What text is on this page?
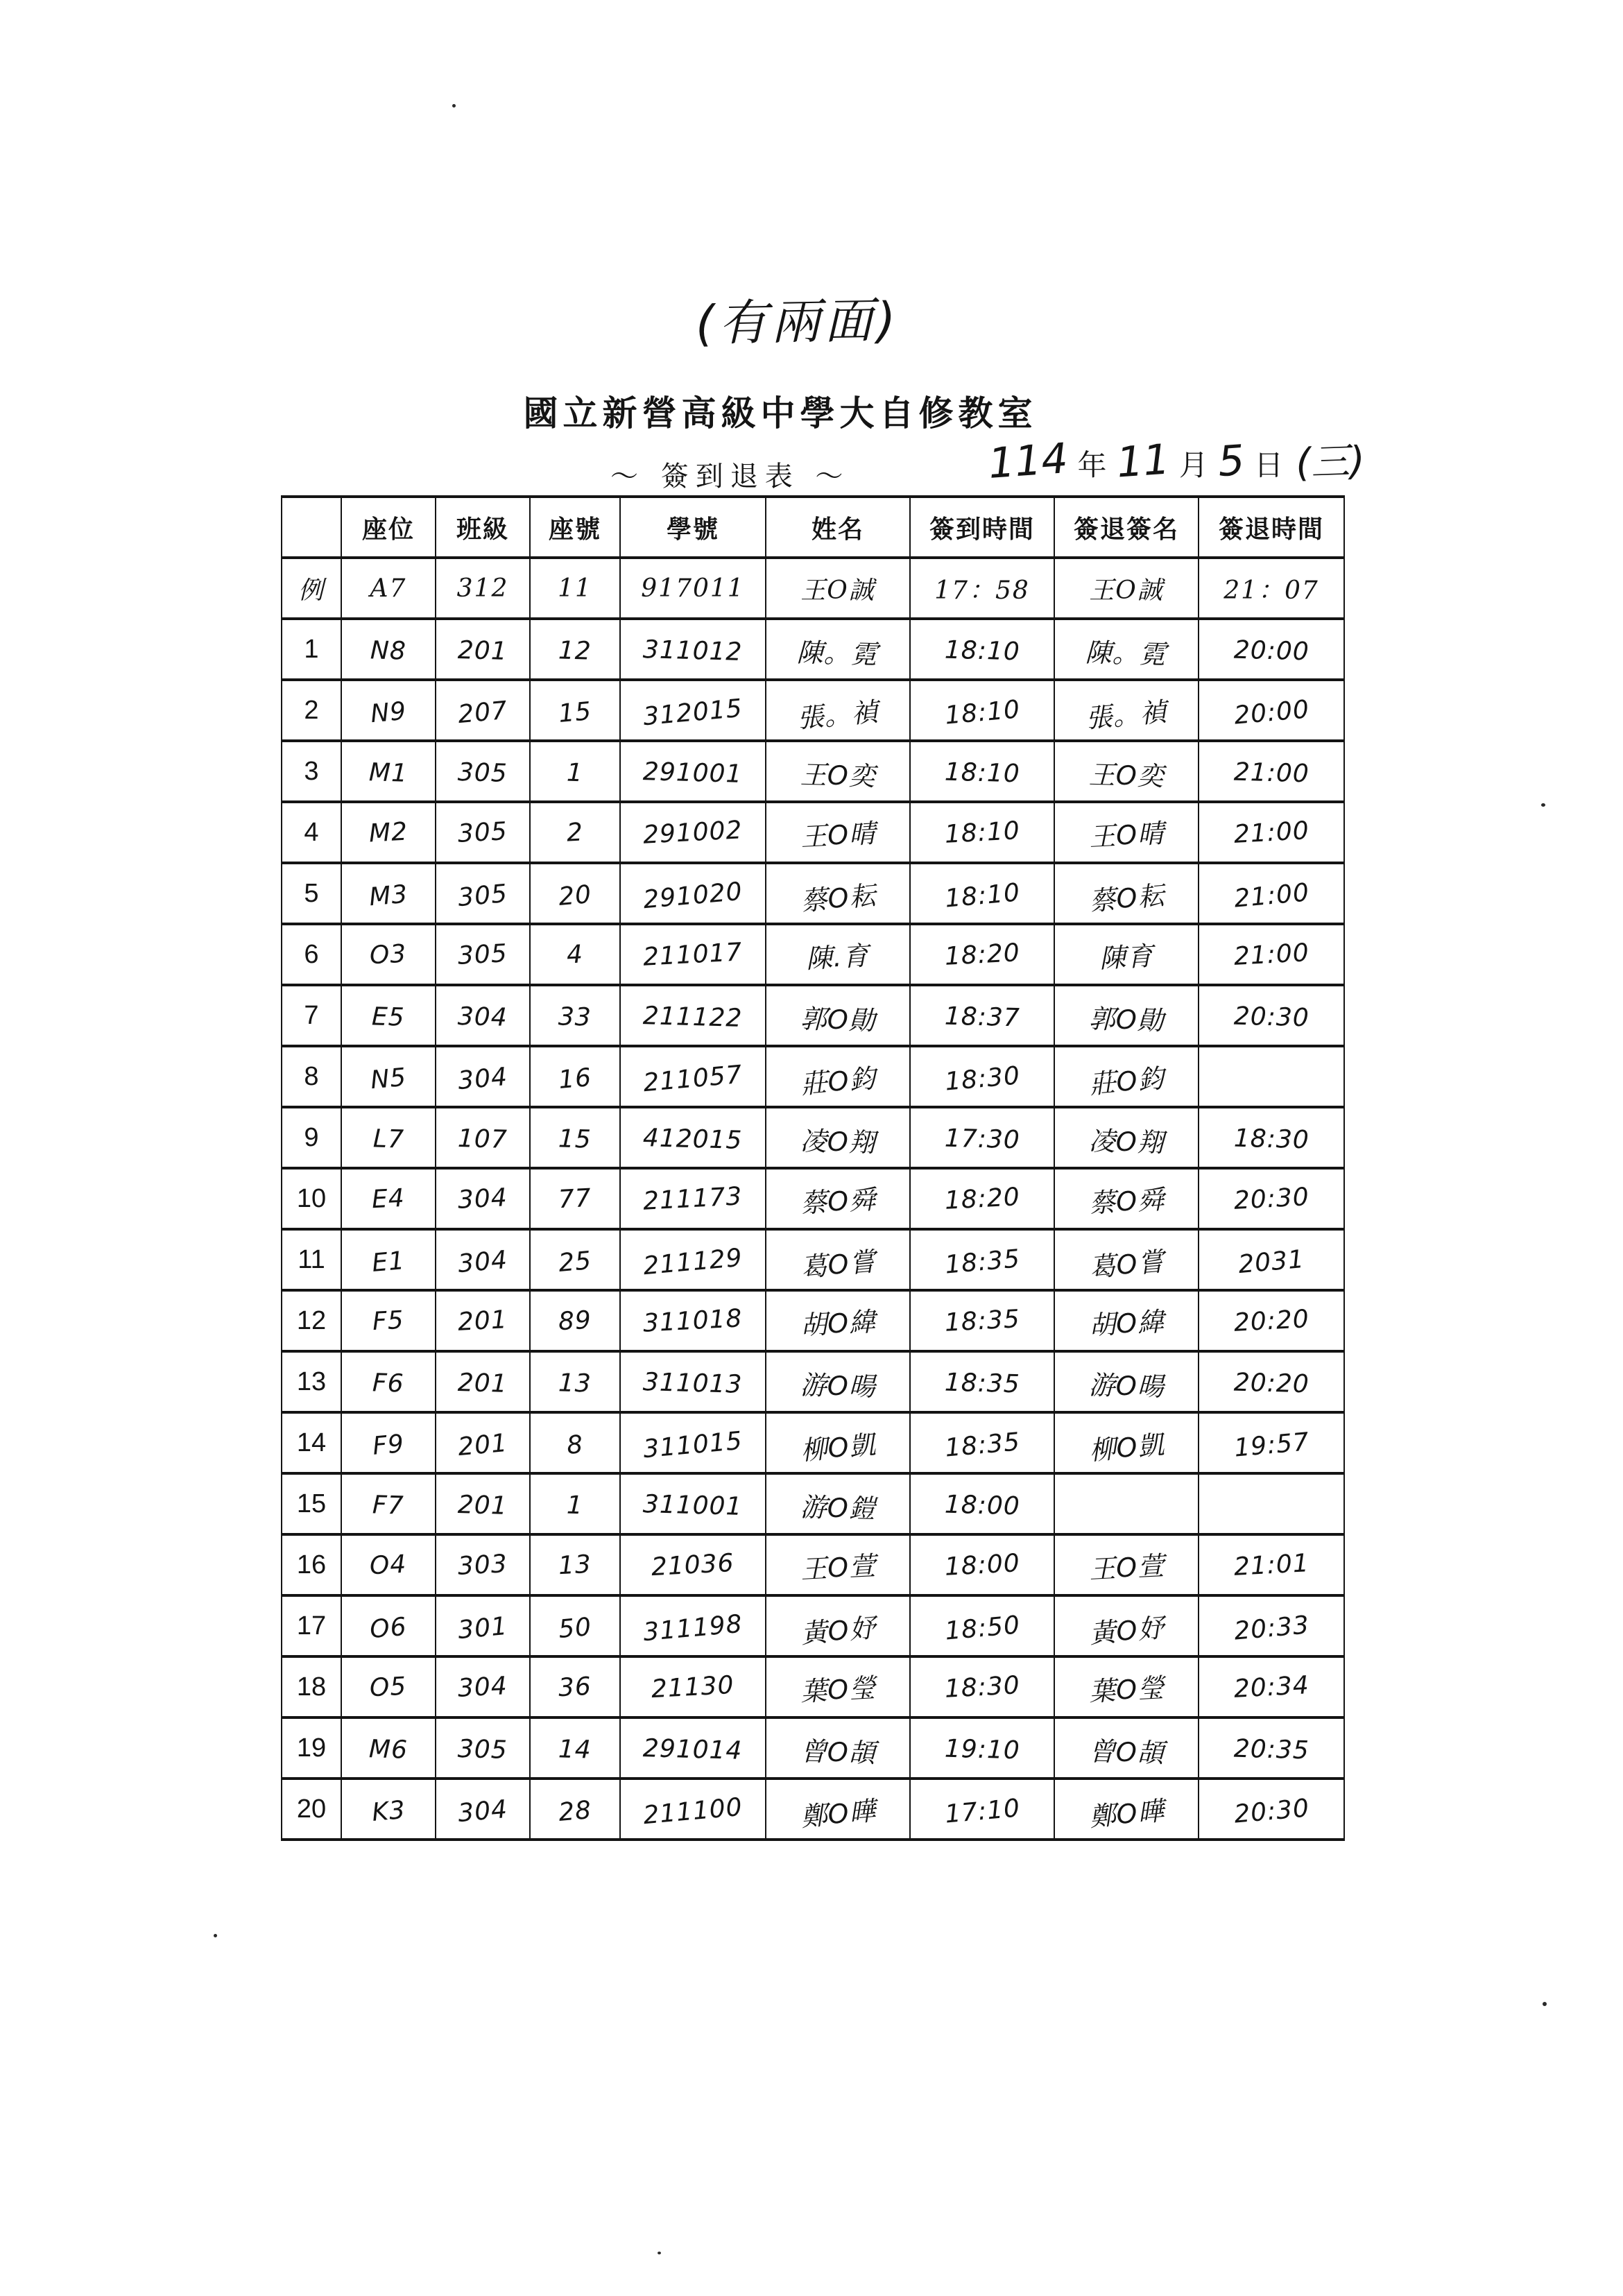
(有兩面)
國立新營高級中學大自修教室
～ 簽到退表 ～	114 年 11 月 5 日 (三)
	座位	班級	座號	學號	姓名	簽到時間	簽退簽名	簽退時間
例	A7	312	11	917011	王O誠	17：58	王O誠	21：07
1	N8	201	12	311012	陳。霓	18:10	陳。霓	20:00
2	N9	207	15	312015	張。禎	18:10	張。禎	20:00
3	M1	305	1	291001	王O奕	18:10	王O奕	21:00
4	M2	305	2	291002	王O晴	18:10	王O晴	21:00
5	M3	305	20	291020	蔡O耘	18:10	蔡O耘	21:00
6	O3	305	4	211017	陳.育	18:20	陳育	21:00
7	E5	304	33	211122	郭O勛	18:37	郭O勛	20:30
8	N5	304	16	211057	莊O鈞	18:30	莊O鈞	
9	L7	107	15	412015	凌O翔	17:30	凌O翔	18:30
10	E4	304	77	211173	蔡O舜	18:20	蔡O舜	20:30
11	E1	304	25	211129	葛O嘗	18:35	葛O嘗	2031
12	F5	201	89	311018	胡O緯	18:35	胡O緯	20:20
13	F6	201	13	311013	游O暘	18:35	游O暘	20:20
14	F9	201	8	311015	柳O凱	18:35	柳O凱	19:57
15	F7	201	1	311001	游O鎧	18:00		
16	O4	303	13	21036	王O萱	18:00	王O萱	21:01
17	O6	301	50	311198	黃O妤	18:50	黃O妤	20:33
18	O5	304	36	21130	葉O瑩	18:30	葉O瑩	20:34
19	M6	305	14	291014	曾O頡	19:10	曾O頡	20:35
20	K3	304	28	211100	鄭O曄	17:10	鄭O曄	20:30
